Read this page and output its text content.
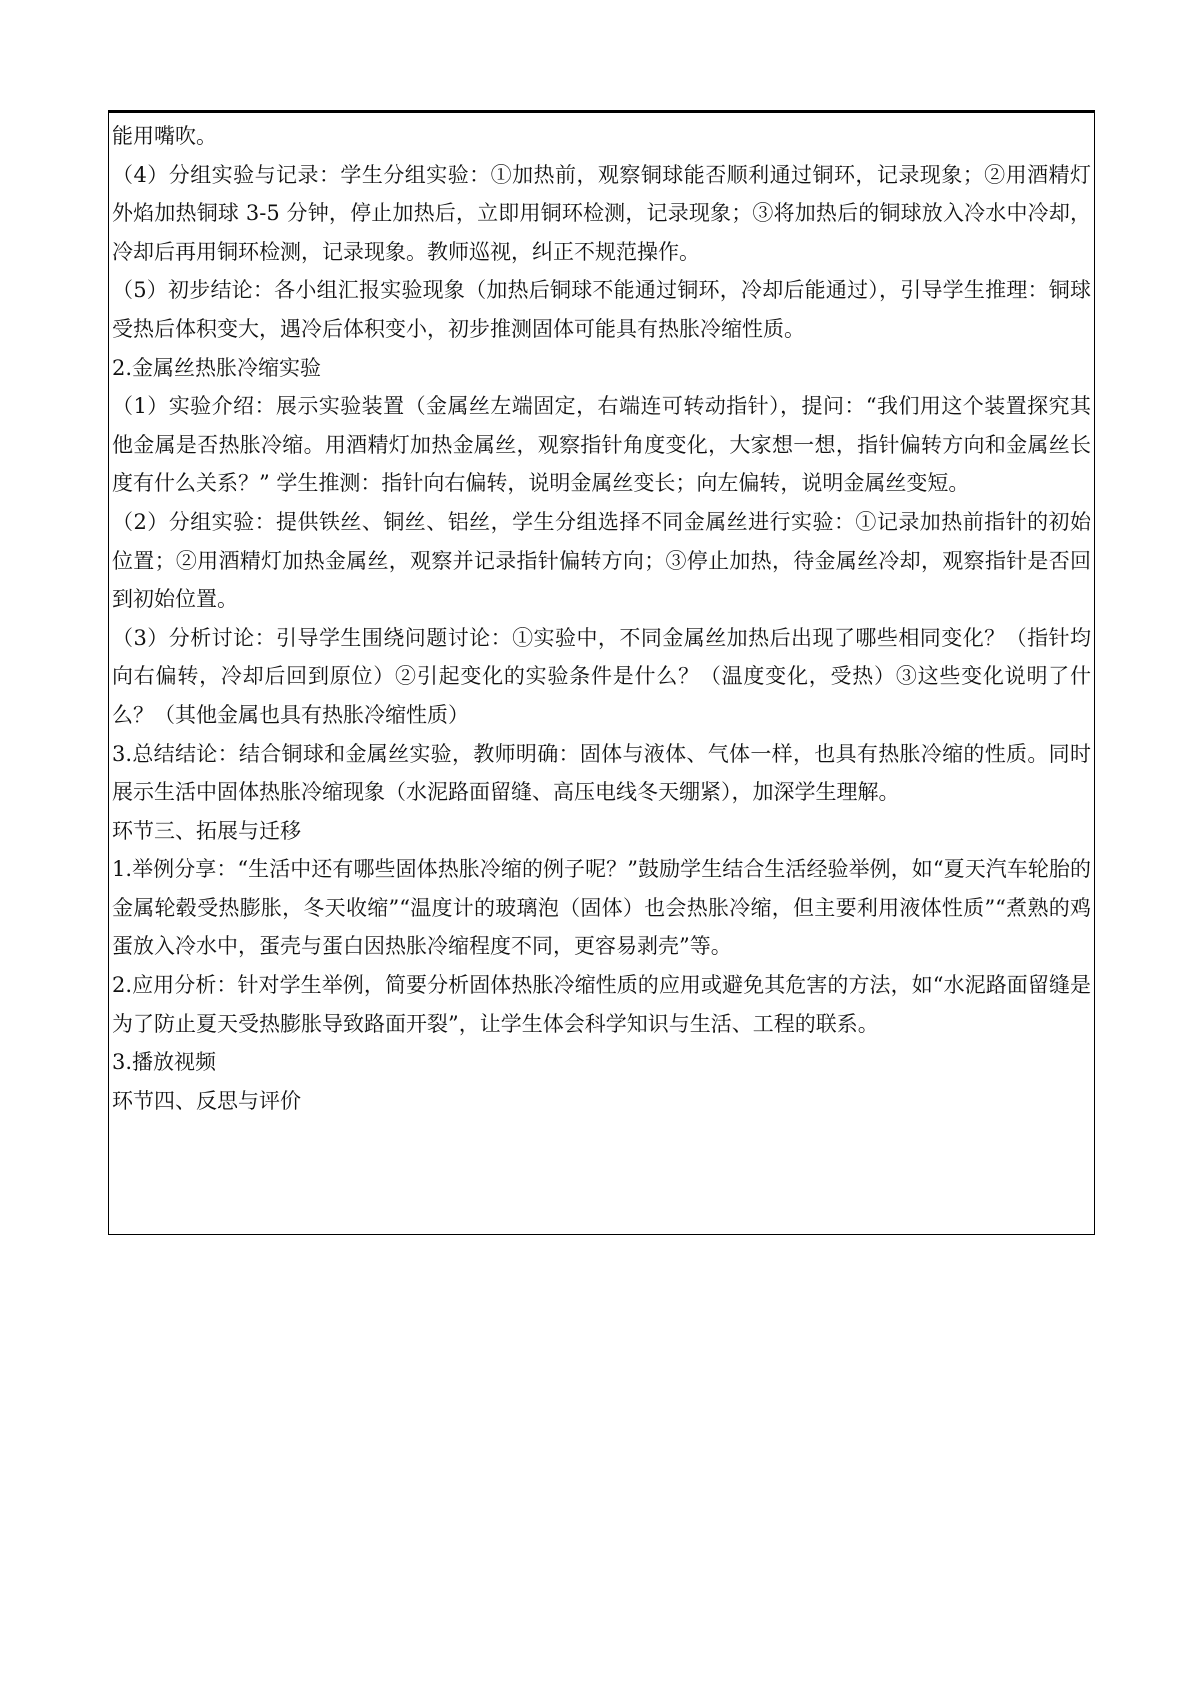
能用嘴吹。

（4）分组实验与记录：学生分组实验：①加热前，观察铜球能否顺利通过铜环，记录现象；②用酒精灯外焰加热铜球 3-5 分钟，停止加热后，立即用铜环检测，记录现象；③将加热后的铜球放入冷水中冷却，冷却后再用铜环检测，记录现象。教师巡视，纠正不规范操作。

（5）初步结论：各小组汇报实验现象（加热后铜球不能通过铜环，冷却后能通过），引导学生推理：铜球受热后体积变大，遇冷后体积变小，初步推测固体可能具有热胀冷缩性质。

2.金属丝热胀冷缩实验

（1）实验介绍：展示实验装置（金属丝左端固定，右端连可转动指针），提问：“我们用这个装置探究其他金属是否热胀冷缩。用酒精灯加热金属丝，观察指针角度变化，大家想一想，指针偏转方向和金属丝长度有什么关系？” 学生推测：指针向右偏转，说明金属丝变长；向左偏转，说明金属丝变短。

（2）分组实验：提供铁丝、铜丝、铝丝，学生分组选择不同金属丝进行实验：①记录加热前指针的初始位置；②用酒精灯加热金属丝，观察并记录指针偏转方向；③停止加热，待金属丝冷却，观察指针是否回到初始位置。

（3）分析讨论：引导学生围绕问题讨论：①实验中，不同金属丝加热后出现了哪些相同变化？（指针均向右偏转，冷却后回到原位）②引起变化的实验条件是什么？（温度变化，受热）③这些变化说明了什么？（其他金属也具有热胀冷缩性质）

3.总结结论：结合铜球和金属丝实验，教师明确：固体与液体、气体一样，也具有热胀冷缩的性质。同时展示生活中固体热胀冷缩现象（水泥路面留缝、高压电线冬天绷紧），加深学生理解。

环节三、拓展与迁移

1.举例分享：“生活中还有哪些固体热胀冷缩的例子呢？”鼓励学生结合生活经验举例，如“夏天汽车轮胎的金属轮毂受热膨胀，冬天收缩”“温度计的玻璃泡（固体）也会热胀冷缩，但主要利用液体性质”“煮熟的鸡蛋放入冷水中，蛋壳与蛋白因热胀冷缩程度不同，更容易剥壳”等。

2.应用分析：针对学生举例，简要分析固体热胀冷缩性质的应用或避免其危害的方法，如“水泥路面留缝是为了防止夏天受热膨胀导致路面开裂”，让学生体会科学知识与生活、工程的联系。

3.播放视频

环节四、反思与评价
